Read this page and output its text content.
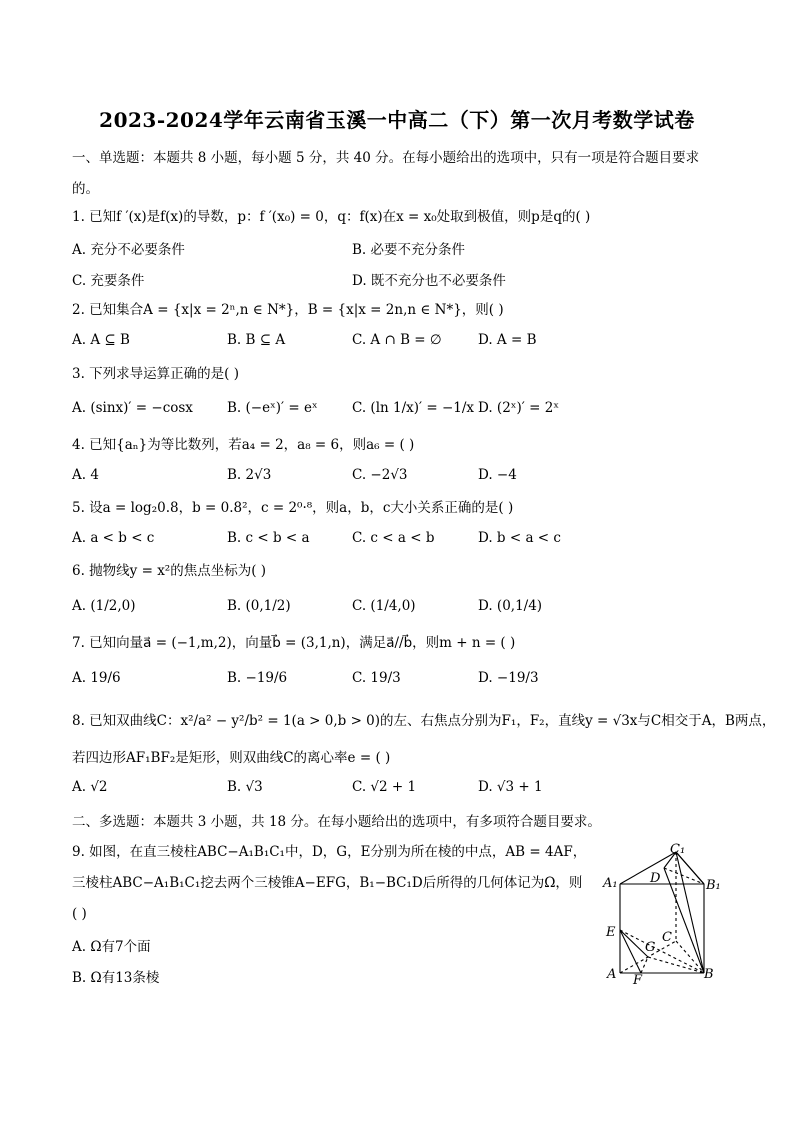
2023-2024学年云南省玉溪一中高二（下）第一次月考数学试卷
一、单选题：本题共 8 小题，每小题 5 分，共 40 分。在每小题给出的选项中，只有一项是符合题目要求
的。
1. 已知f ′(x)是f(x)的导数，p：f ′(x₀) = 0，q：f(x)在x = x₀处取到极值，则p是q的( )
A. 充分不必要条件	B. 必要不充分条件
C. 充要条件	D. 既不充分也不必要条件
2. 已知集合A = {x|x = 2ⁿ,n ∈ N*}，B = {x|x = 2n,n ∈ N*}，则( )
A. A ⊆ B	B. B ⊆ A	C. A ∩ B = ∅	D. A = B
3. 下列求导运算正确的是( )
A. (sinx)′ = −cosx	B. (−eˣ)′ = eˣ	C. (ln 1/x)′ = −1/x D. (2ˣ)′ = 2ˣ
4. 已知{aₙ}为等比数列，若a₄ = 2，a₈ = 6，则a₆ = ( )
A. 4	B. 2√3	C. −2√3	D. −4
5. 设a = log₂0.8，b = 0.8²，c = 2⁰·⁸，则a，b，c大小关系正确的是( )
A. a < b < c	B. c < b < a	C. c < a < b	D. b < a < c
6. 抛物线y = x²的焦点坐标为( )
A. (1/2,0)	B. (0,1/2)	C. (1/4,0)	D. (0,1/4)
7. 已知向量a⃗ = (−1,m,2)，向量b⃗ = (3,1,n)，满足a⃗//b⃗，则m + n = ( )
A. 19/6	B. −19/6	C. 19/3	D. −19/3
8. 已知双曲线C：x²/a² − y²/b² = 1(a > 0,b > 0)的左、右焦点分别为F₁，F₂，直线y = √3x与C相交于A，B两点，
若四边形AF₁BF₂是矩形，则双曲线C的离心率e = ( )
A. √2	B. √3	C. √2 + 1	D. √3 + 1
二、多选题：本题共 3 小题，共 18 分。在每小题给出的选项中，有多项符合题目要求。
9. 如图，在直三棱柱ABC−A₁B₁C₁中，D，G，E分别为所在棱的中点，AB = 4AF，
三棱柱ABC−A₁B₁C₁挖去两个三棱锥A−EFG，B₁−BC₁D后所得的几何体记为Ω，则
( )
A. Ω有7个面
B. Ω有13条棱
C₁
A₁	B₁
D
E
G
C
A F	B
